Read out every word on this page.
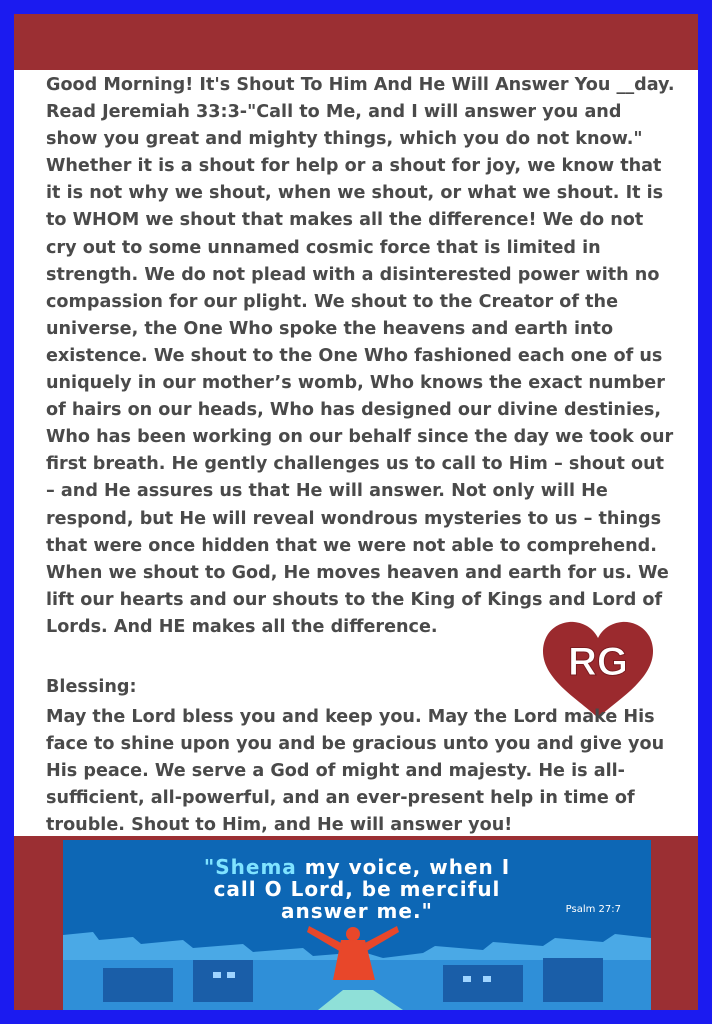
Good Morning! It's Shout To Him And He Will Answer You __day. Read Jeremiah 33:3-"Call to Me, and I will answer you and show you great and mighty things, which you do not know." Whether it is a shout for help or a shout for joy, we know that it is not why we shout, when we shout, or what we shout. It is to WHOM we shout that makes all the difference! We do not cry out to some unnamed cosmic force that is limited in strength. We do not plead with a disinterested power with no compassion for our plight. We shout to the Creator of the universe, the One Who spoke the heavens and earth into existence. We shout to the One Who fashioned each one of us uniquely in our mother’s womb, Who knows the exact number of hairs on our heads, Who has designed our divine destinies, Who has been working on our behalf since the day we took our first breath. He gently challenges us to call to Him – shout out – and He assures us that He will answer. Not only will He respond, but He will reveal wondrous mysteries to us – things that were once hidden that we were not able to comprehend. When we shout to God, He moves heaven and earth for us. We lift our hearts and our shouts to the King of Kings and Lord of Lords. And HE makes all the difference.

RG
Blessing:
May the Lord bless you and keep you. May the Lord make His face to shine upon you and be gracious unto you and give you His peace. We serve a God of might and majesty. He is all-sufficient, all-powerful, and an ever-present help in time of trouble. Shout to Him, and He will answer you!
"Shema my voice, when I
call O Lord, be merciful
answer me."	Psalm 27:7
